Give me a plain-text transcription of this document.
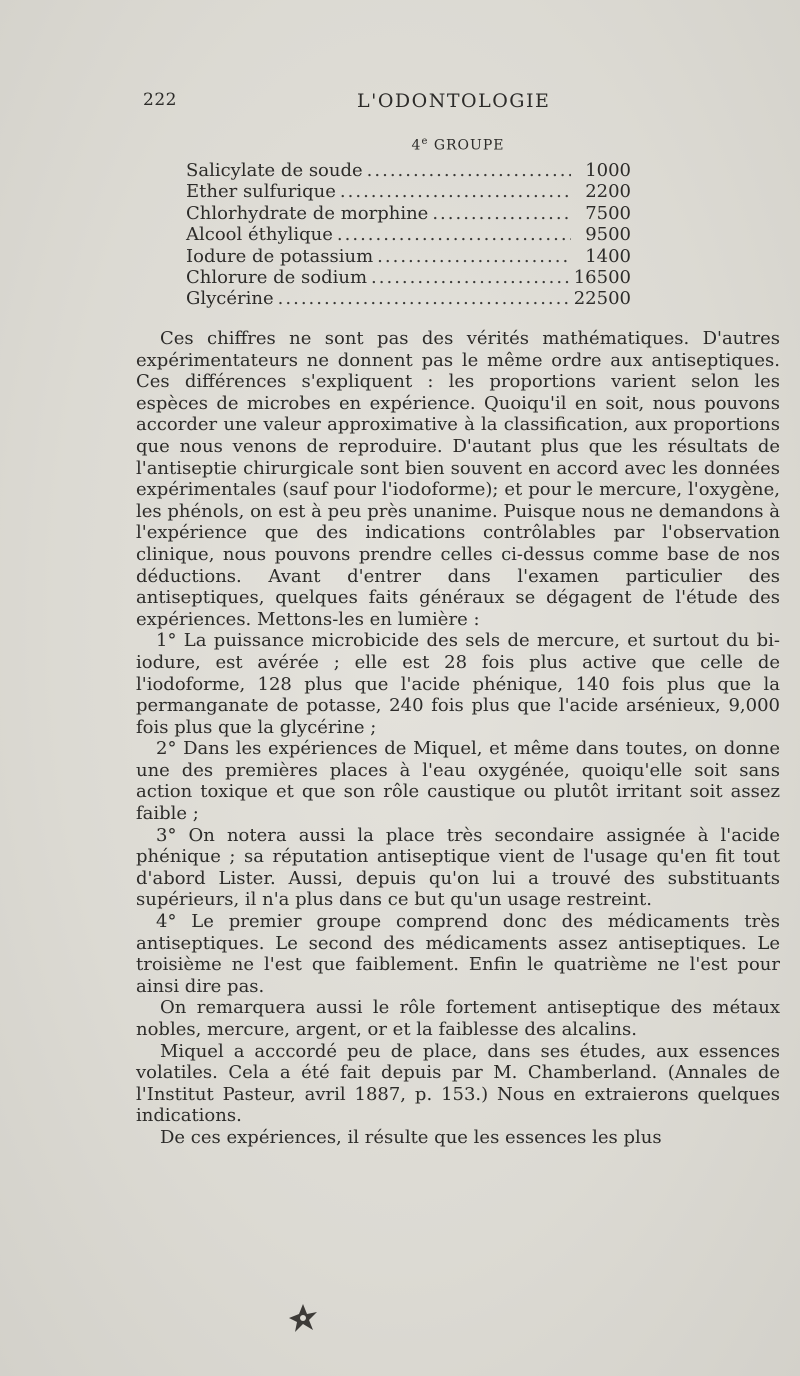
222	L'ODONTOLOGIE
4e GROUPE
Salicylate de soude .....	1000
Ether sulfurique .....	2200
Chlorhydrate de morphine .....	7500
Alcool éthylique .....	9500
Iodure de potassium .....	1400
Chlorure de sodium .....	16500
Glycérine .....	22500

Ces chiffres ne sont pas des vérités mathématiques. D'autres expérimentateurs ne donnent pas le même ordre aux antiseptiques. Ces différences s'expliquent : les proportions varient selon les espèces de microbes en expérience. Quoiqu'il en soit, nous pouvons accorder une valeur approximative à la classification, aux proportions que nous venons de reproduire. D'autant plus que les résultats de l'antiseptie chirurgicale sont bien souvent en accord avec les données expérimentales (sauf pour l'iodoforme); et pour le mercure, l'oxygène, les phénols, on est à peu près unanime. Puisque nous ne demandons à l'expérience que des indications contrôlables par l'observation clinique, nous pouvons prendre celles ci-dessus comme base de nos déductions. Avant d'entrer dans l'examen particulier des antiseptiques, quelques faits généraux se dégagent de l'étude des expériences. Mettons-les en lumière :

1° La puissance microbicide des sels de mercure, et surtout du bi-iodure, est avérée ; elle est 28 fois plus active que celle de l'iodoforme, 128 plus que l'acide phénique, 140 fois plus que la permanganate de potasse, 240 fois plus que l'acide arsénieux, 9,000 fois plus que la glycérine ;

2° Dans les expériences de Miquel, et même dans toutes, on donne une des premières places à l'eau oxygénée, quoiqu'elle soit sans action toxique et que son rôle caustique ou plutôt irritant soit assez faible ;

3° On notera aussi la place très secondaire assignée à l'acide phénique ; sa réputation antiseptique vient de l'usage qu'en fit tout d'abord Lister. Aussi, depuis qu'on lui a trouvé des substituants supérieurs, il n'a plus dans ce but qu'un usage restreint.

4° Le premier groupe comprend donc des médicaments très antiseptiques. Le second des médicaments assez antiseptiques. Le troisième ne l'est que faiblement. Enfin le quatrième ne l'est pour ainsi dire pas.

On remarquera aussi le rôle fortement antiseptique des métaux nobles, mercure, argent, or et la faiblesse des alcalins.

Miquel a acccordé peu de place, dans ses études, aux essences volatiles. Cela a été fait depuis par M. Chamberland. (Annales de l'Institut Pasteur, avril 1887, p. 153.) Nous en extraierons quelques indications.

De ces expériences, il résulte que les essences les plus
